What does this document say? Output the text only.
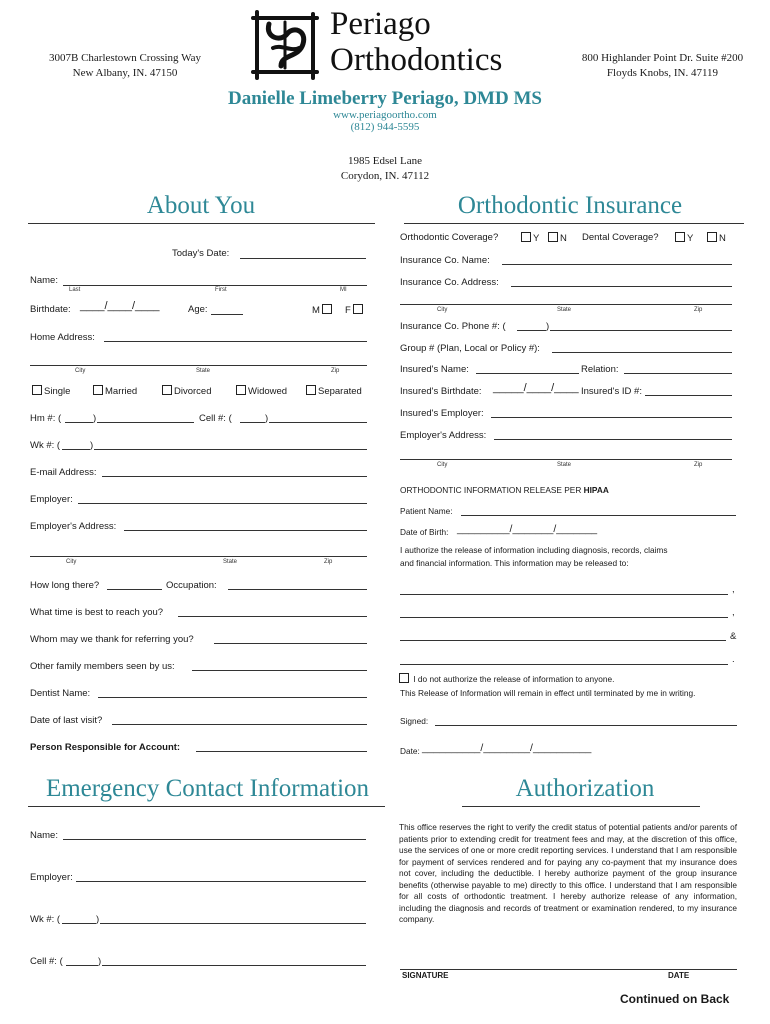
3007B Charlestown Crossing Way
New Albany, IN. 47150
800 Highlander Point Dr. Suite #200
Floyds Knobs, IN. 47119
Periago
Orthodontics
Danielle Limeberry Periago, DMD MS
www.periagoortho.com
(812) 944-5595
1985 Edsel Lane
Corydon, IN. 47112
About You
Today's Date:
Name:
Last	First	MI
Birthdate: ____/____/____	Age:	M	F
Home Address:
City	State	Zip
Single	Married	Divorced	Widowed	Separated
Hm #: (	)	Cell #: (	)
Wk #: (	)
E-mail Address:
Employer:
Employer's Address:
City	State	Zip
How long there?	Occupation:
What time is best to reach you?
Whom may we thank for referring you?
Other family members seen by us:
Dentist Name:
Date of last visit?
Person Responsible for Account:
Orthodontic Insurance
Orthodontic Coverage?	Y	N Dental Coverage?	Y	N
Insurance Co. Name:
Insurance Co. Address:
City	State	Zip
Insurance Co. Phone #: (	)
Group # (Plan, Local or Policy #):
Insured's Name:	Relation:
Insured's Birthdate: _____/____/____ Insured's ID #:
Insured's Employer:
Employer's Address:
City	State	Zip
ORTHODONTIC INFORMATION RELEASE PER HIPAA
Patient Name:
Date of Birth: _________/_______/_______
I authorize the release of information including diagnosis, records, claims
and financial information. This information may be released to:
,
,
&
.
I do not authorize the release of information to anyone.
This Release of Information will remain in effect until terminated by me in writing.
Signed:
Date: __________/________/__________
Emergency Contact Information
Name:
Employer:
Wk #: (	)
Cell #: (	)
Authorization
This office reserves the right to verify the credit status of potential patients and/or parents of patients prior to extending credit for treatment fees and may, at the discretion of this office, use the services of one or more credit reporting services. I understand that I am responsible for payment of services rendered and for paying any co-payment that my insurance does not cover, including the deductible. I hereby authorize payment of the group insurance benefits (otherwise payable to me) directly to this office. I understand that I am responsible for all costs of orthodontic treatment. I hereby authorize release of any information, including the diagnosis and records of treatment or examination rendered, to my insurance company.
SIGNATURE	DATE
Continued on Back
